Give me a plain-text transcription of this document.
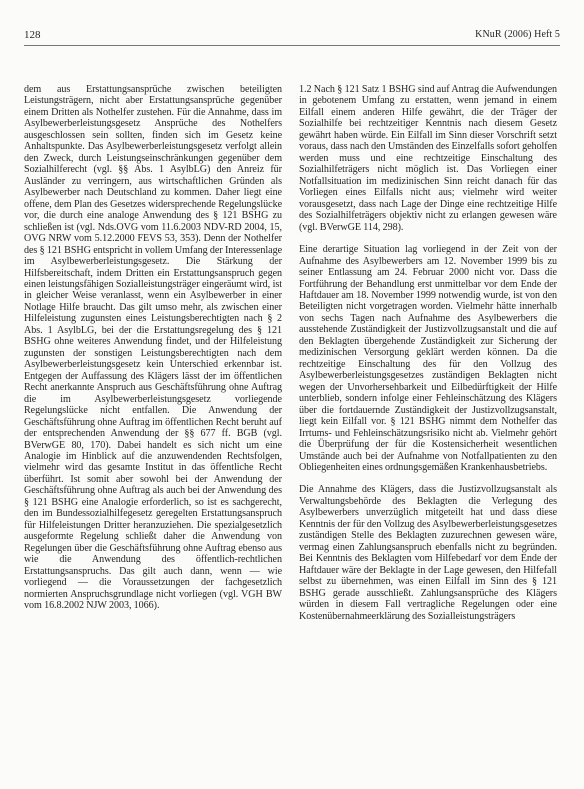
128	KNuR (2006) Heft 5

dem aus Erstattungsansprüche zwischen beteiligten Leistungsträgern, nicht aber Erstattungsansprüche gegenüber einem Dritten als Nothelfer zustehen. Für die Annahme, dass im Asylbewerberleistungsgesetz Ansprüche des Nothelfers ausgeschlossen sein sollten, finden sich im Gesetz keine Anhaltspunkte. Das Asylbewerberleistungsgesetz verfolgt allein den Zweck, durch Leistungseinschränkungen gegenüber dem Sozialhilferecht (vgl. §§ Abs. 1 AsylbLG) den Anreiz für Ausländer zu verringern, aus wirtschaftlichen Gründen als Asylbewerber nach Deutschland zu kommen. Daher liegt eine offene, dem Plan des Gesetzes widersprechende Regelungslücke vor, die durch eine analoge Anwendung des § 121 BSHG zu schließen ist (vgl. Nds.OVG vom 11.6.2003 NDV-RD 2004, 15, OVG NRW vom 5.12.2000 FEVS 53, 353). Denn der Nothelfer des § 121 BSHG entspricht in vollem Umfang der Interessenlage im Asylbewerberleistungsgesetz. Die Stärkung der Hilfsbereitschaft, indem Dritten ein Erstattungsanspruch gegen einen leistungsfähigen Sozialleistungsträger eingeräumt wird, ist in gleicher Weise veranlasst, wenn ein Asylbewerber in einer Notlage Hilfe braucht. Das gilt umso mehr, als zwischen einer Hilfeleistung zugunsten eines Leistungsberechtigten nach § 2 Abs. 1 AsylbLG, bei der die Erstattungsregelung des § 121 BSHG ohne weiteres Anwendung findet, und der Hilfeleistung zugunsten der sonstigen Leistungsberechtigten nach dem Asylbewerberleistungsgesetz kein Unterschied erkennbar ist. Entgegen der Auffassung des Klägers lässt der im öffentlichen Recht anerkannte Anspruch aus Geschäftsführung ohne Auftrag die im Asylbewerberleistungsgesetz vorliegende Regelungslücke nicht entfallen. Die Anwendung der Geschäftsführung ohne Auftrag im öffentlichen Recht beruht auf der entsprechenden Anwendung der §§ 677 ff. BGB (vgl. BVerwGE 80, 170). Dabei handelt es sich nicht um eine Analogie im Hinblick auf die anzuwendenden Rechtsfolgen, vielmehr wird das gesamte Institut in das öffentliche Recht überführt. Ist somit aber sowohl bei der Anwendung der Geschäftsführung ohne Auftrag als auch bei der Anwendung des § 121 BSHG eine Analogie erforderlich, so ist es sachgerecht, den im Bundessozialhilfegesetz geregelten Erstattungsanspruch für Hilfeleistungen Dritter heranzuziehen. Die spezialgesetzlich ausgeformte Regelung schließt daher die Anwendung von Regelungen über die Geschäftsführung ohne Auftrag ebenso aus wie die Anwendung des öffentlich-rechtlichen Erstattungsanspruchs. Das gilt auch dann, wenn — wie vorliegend — die Voraussetzungen der fachgesetzlich normierten Anspruchsgrundlage nicht vorliegen (vgl. VGH BW vom 16.8.2002 NJW 2003, 1066).

1.2 Nach § 121 Satz 1 BSHG sind auf Antrag die Aufwendungen in gebotenem Umfang zu erstatten, wenn jemand in einem Eilfall einem anderen Hilfe gewährt, die der Träger der Sozialhilfe bei rechtzeitiger Kenntnis nach diesem Gesetz gewährt haben würde. Ein Eilfall im Sinn dieser Vorschrift setzt voraus, dass nach den Umständen des Einzelfalls sofort geholfen werden muss und eine rechtzeitige Einschaltung des Sozialhilfeträgers nicht möglich ist. Das Vorliegen einer Notfallsituation im medizinischen Sinn reicht danach für das Vorliegen eines Eilfalls nicht aus; vielmehr wird weiter vorausgesetzt, dass nach Lage der Dinge eine rechtzeitige Hilfe des Sozialhilfeträgers objektiv nicht zu erlangen gewesen wäre (vgl. BVerwGE 114, 298).

Eine derartige Situation lag vorliegend in der Zeit von der Aufnahme des Asylbewerbers am 12. November 1999 bis zu seiner Entlassung am 24. Februar 2000 nicht vor. Dass die Fortführung der Behandlung erst unmittelbar vor dem Ende der Haftdauer am 18. November 1999 notwendig wurde, ist von den Beteiligten nicht vorgetragen worden. Vielmehr hätte innerhalb von sechs Tagen nach Aufnahme des Asylbewerbers die ausstehende Zuständigkeit der Justizvollzugsanstalt und die auf den Beklagten übergehende Zuständigkeit zur Sicherung der medizinischen Versorgung geklärt werden können. Da die rechtzeitige Einschaltung des für den Vollzug des Asylbewerberleistungsgesetzes zuständigen Beklagten nicht wegen der Unvorhersehbarkeit und Eilbedürftigkeit der Hilfe unterblieb, sondern infolge einer Fehleinschätzung des Klägers über die fortdauernde Zuständigkeit der Justizvollzugsanstalt, liegt kein Eilfall vor. § 121 BSHG nimmt dem Nothelfer das Irrtums- und Fehleinschätzungsrisiko nicht ab. Vielmehr gehört die Überprüfung der für die Kostensicherheit wesentlichen Umstände auch bei der Aufnahme von Notfallpatienten zu den Obliegenheiten eines ordnungsgemäßen Krankenhausbetriebs.

Die Annahme des Klägers, dass die Justizvollzugsanstalt als Verwaltungsbehörde des Beklagten die Verlegung des Asylbewerbers unverzüglich mitgeteilt hat und dass diese Kenntnis der für den Vollzug des Asylbewerberleistungsgesetzes zuständigen Stelle des Beklagten zuzurechnen gewesen wäre, vermag einen Zahlungsanspruch ebenfalls nicht zu begründen. Bei Kenntnis des Beklagten vom Hilfebedarf vor dem Ende der Haftdauer wäre der Beklagte in der Lage gewesen, den Hilfefall selbst zu übernehmen, was einen Eilfall im Sinn des § 121 BSHG gerade ausschließt. Zahlungsansprüche des Klägers würden in diesem Fall vertragliche Regelungen oder eine Kostenübernahmeerklärung des Sozialleistungsträgers
